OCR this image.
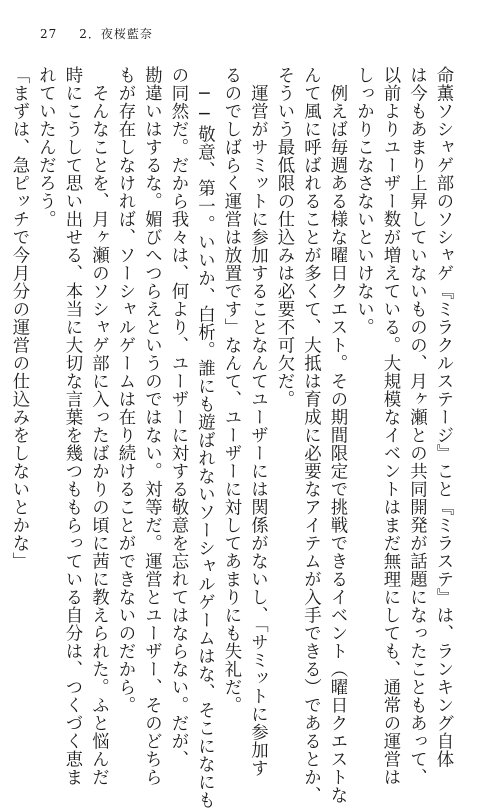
27 2．夜桜藍奈
命薫ソシャゲ部のソシャゲ『ミラクルステージ』こと『ミラステ』は、ランキング自体
は今もあまり上昇していないものの、月ヶ瀬との共同開発が話題になったこともあって、
以前よりユーザー数が増えている。大規模なイベントはまだ無理にしても、通常の運営は
しっかりこなさないといけない。
　例えば毎週ある様な曜日クエスト。その期間限定で挑戦できるイベント（曜日クエストな
んて風に呼ばれることが多くて、大抵は育成に必要なアイテムが入手できる）であるとか、
そういう最低限の仕込みは必要不可欠だ。
　運営がサミットに参加することなんてユーザーには関係がないし、「サミットに参加す
るのでしばらく運営は放置です」なんて、ユーザーに対してあまりにも失礼だ。
　──敬意、第一。いいか、白析。誰にも遊ばれないソーシャルゲームはな、そこになにも
の同然だ。だから我々は、何より、ユーザーに対する敬意を忘れてはならない。だが、
勘違いはするな。媚びへつらえというのではない。対等だ。運営とユーザー、そのどちら
もが存在しなければ、ソーシャルゲームは在り続けることができないのだから。
　そんなことを、月ヶ瀬のソシャゲ部に入ったばかりの頃に茜に教えられた。ふと悩んだ
時にこうして思い出せる、本当に大切な言葉を幾つももらっている自分は、つくづく恵ま
れていたんだろう。
「まずは、急ピッチで今月分の運営の仕込みをしないとかな」
